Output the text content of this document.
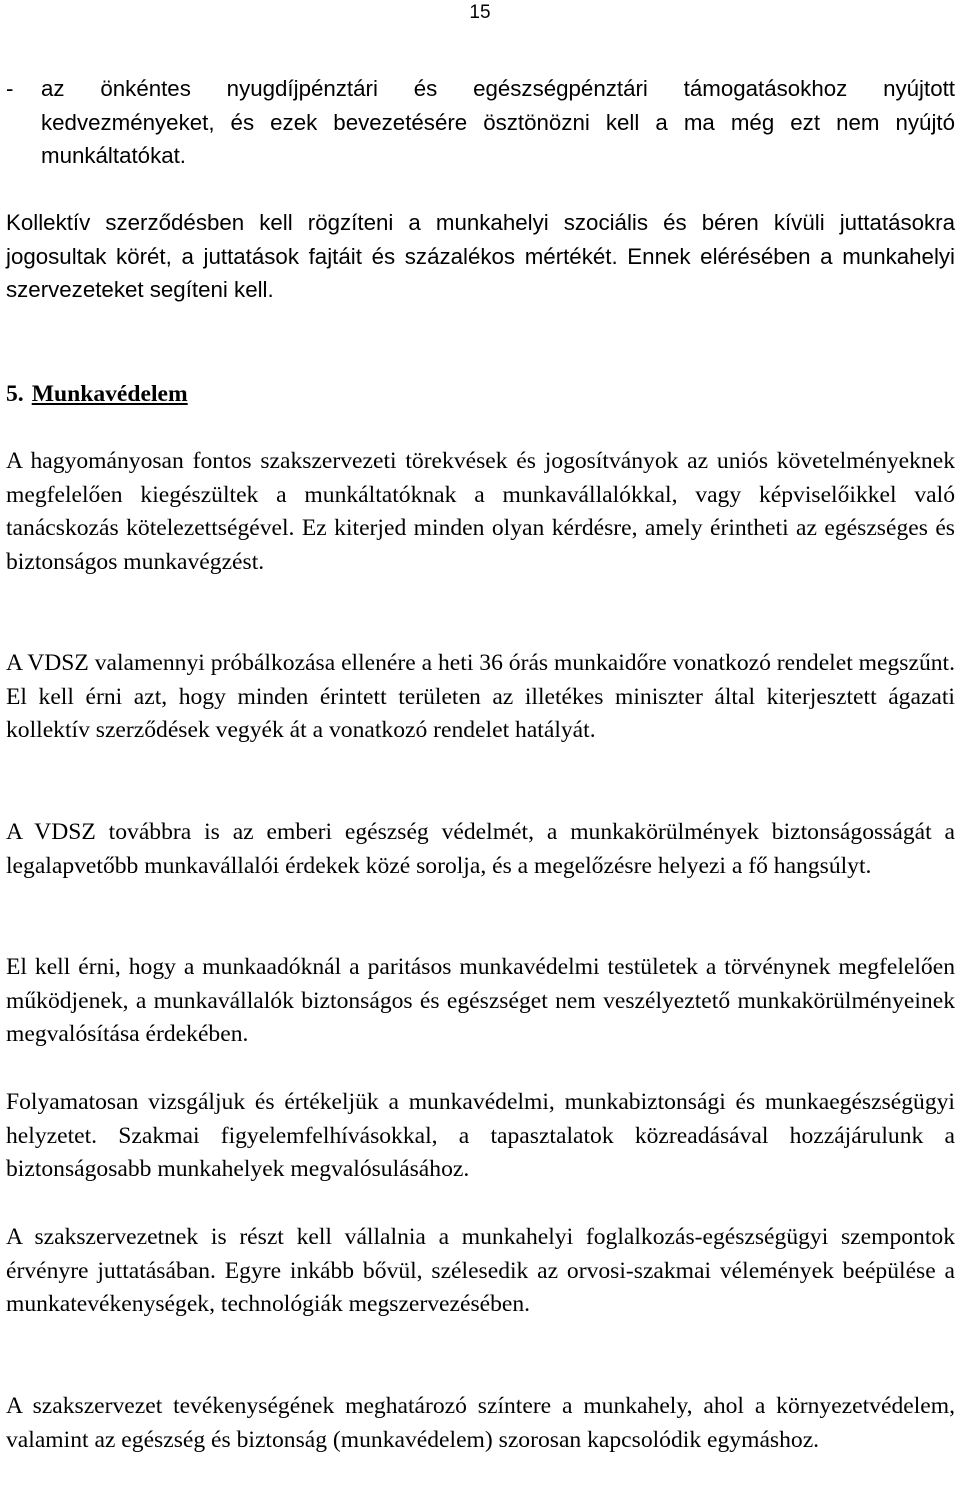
15
- az önkéntes nyugdíjpénztári és egészségpénztári támogatásokhoz nyújtott kedvezményeket, és ezek bevezetésére ösztönözni kell a ma még ezt nem nyújtó munkáltatókat.

Kollektív szerződésben kell rögzíteni a munkahelyi szociális és béren kívüli juttatásokra jogosultak körét, a juttatások fajtáit és százalékos mértékét. Ennek elérésében a munkahelyi szervezeteket segíteni kell.

5. Munkavédelem

A hagyományosan fontos szakszervezeti törekvések és jogosítványok az uniós követelményeknek megfelelően kiegészültek a munkáltatóknak a munkavállalókkal, vagy képviselőikkel való tanácskozás kötelezettségével. Ez kiterjed minden olyan kérdésre, amely érintheti az egészséges és biztonságos munkavégzést.

A VDSZ valamennyi próbálkozása ellenére a heti 36 órás munkaidőre vonatkozó rendelet megszűnt. El kell érni azt, hogy minden érintett területen az illetékes miniszter által kiterjesztett ágazati kollektív szerződések vegyék át a vonatkozó rendelet hatályát.

A VDSZ továbbra is az emberi egészség védelmét, a munkakörülmények biztonságosságát a legalapvetőbb munkavállalói érdekek közé sorolja, és a megelőzésre helyezi a fő hangsúlyt.

El kell érni, hogy a munkaadóknál a paritásos munkavédelmi testületek a törvénynek megfelelően működjenek, a munkavállalók biztonságos és egészséget nem veszélyeztető munkakörülményeinek megvalósítása érdekében.

Folyamatosan vizsgáljuk és értékeljük a munkavédelmi, munkabiztonsági és munkaegészségügyi helyzetet. Szakmai figyelemfelhívásokkal, a tapasztalatok közreadásával hozzájárulunk a biztonságosabb munkahelyek megvalósulásához.

A szakszervezetnek is részt kell vállalnia a munkahelyi foglalkozás-egészségügyi szempontok érvényre juttatásában. Egyre inkább bővül, szélesedik az orvosi-szakmai vélemények beépülése a munkatevékenységek, technológiák megszervezésében.

A szakszervezet tevékenységének meghatározó színtere a munkahely, ahol a környezetvédelem, valamint az egészség és biztonság (munkavédelem) szorosan kapcsolódik egymáshoz.
